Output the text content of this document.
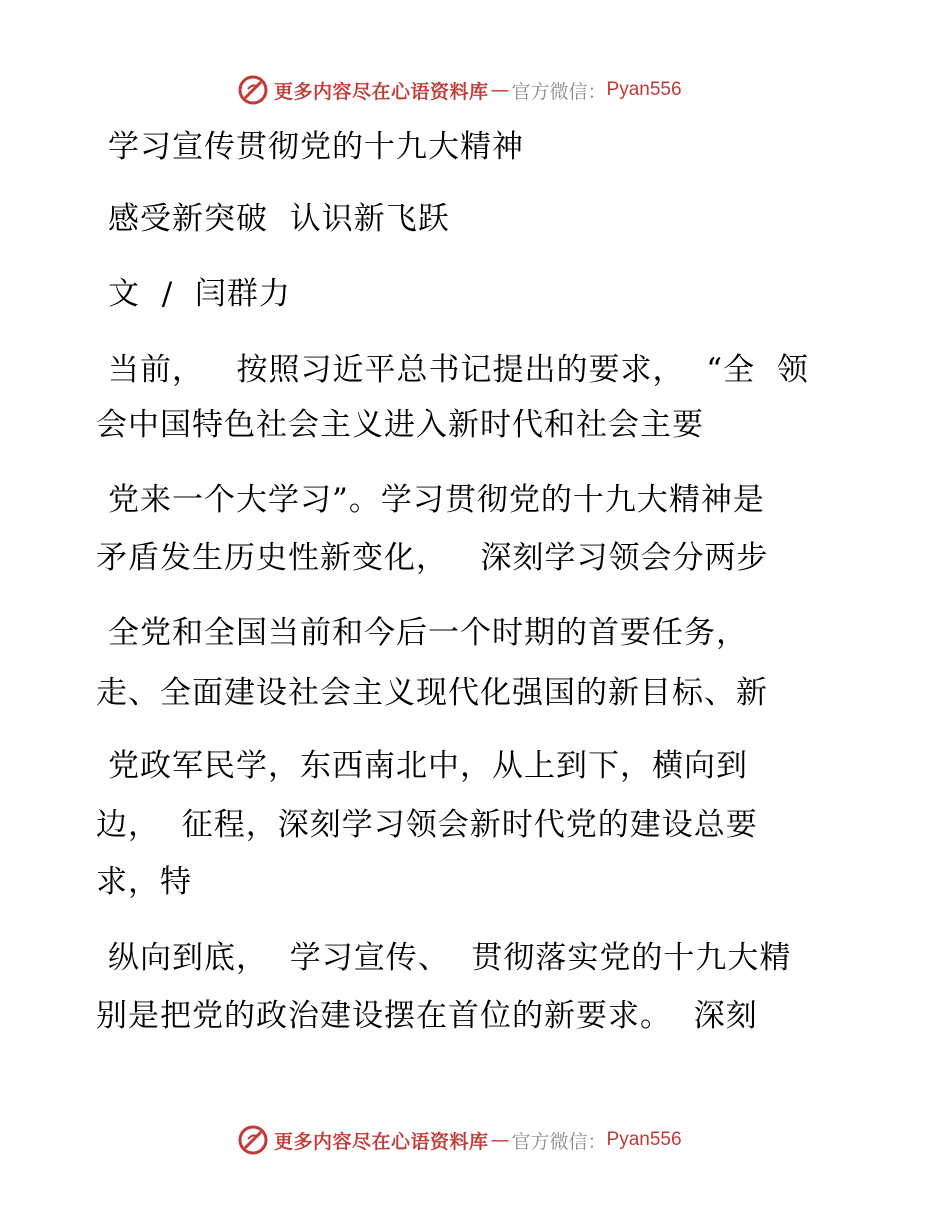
更多内容尽在心语资料库 — 官方微信： Pyan556
学习宣传贯彻党的十九大精神
感受新突破  认识新飞跃
文  /  闫群力
当前，   按照习近平总书记提出的要求，  “全  领
会中国特色社会主义进入新时代和社会主要
党来一个大学习”。学习贯彻党的十九大精神是
矛盾发生历史性新变化，   深刻学习领会分两步
全党和全国当前和今后一个时期的首要任务，
走、全面建设社会主义现代化强国的新目标、新
党政军民学，东西南北中，从上到下，横向到
边，  征程，深刻学习领会新时代党的建设总要
求，特
纵向到底，  学习宣传、  贯彻落实党的十九大精
别是把党的政治建设摆在首位的新要求。  深刻
更多内容尽在心语资料库 — 官方微信： Pyan556
